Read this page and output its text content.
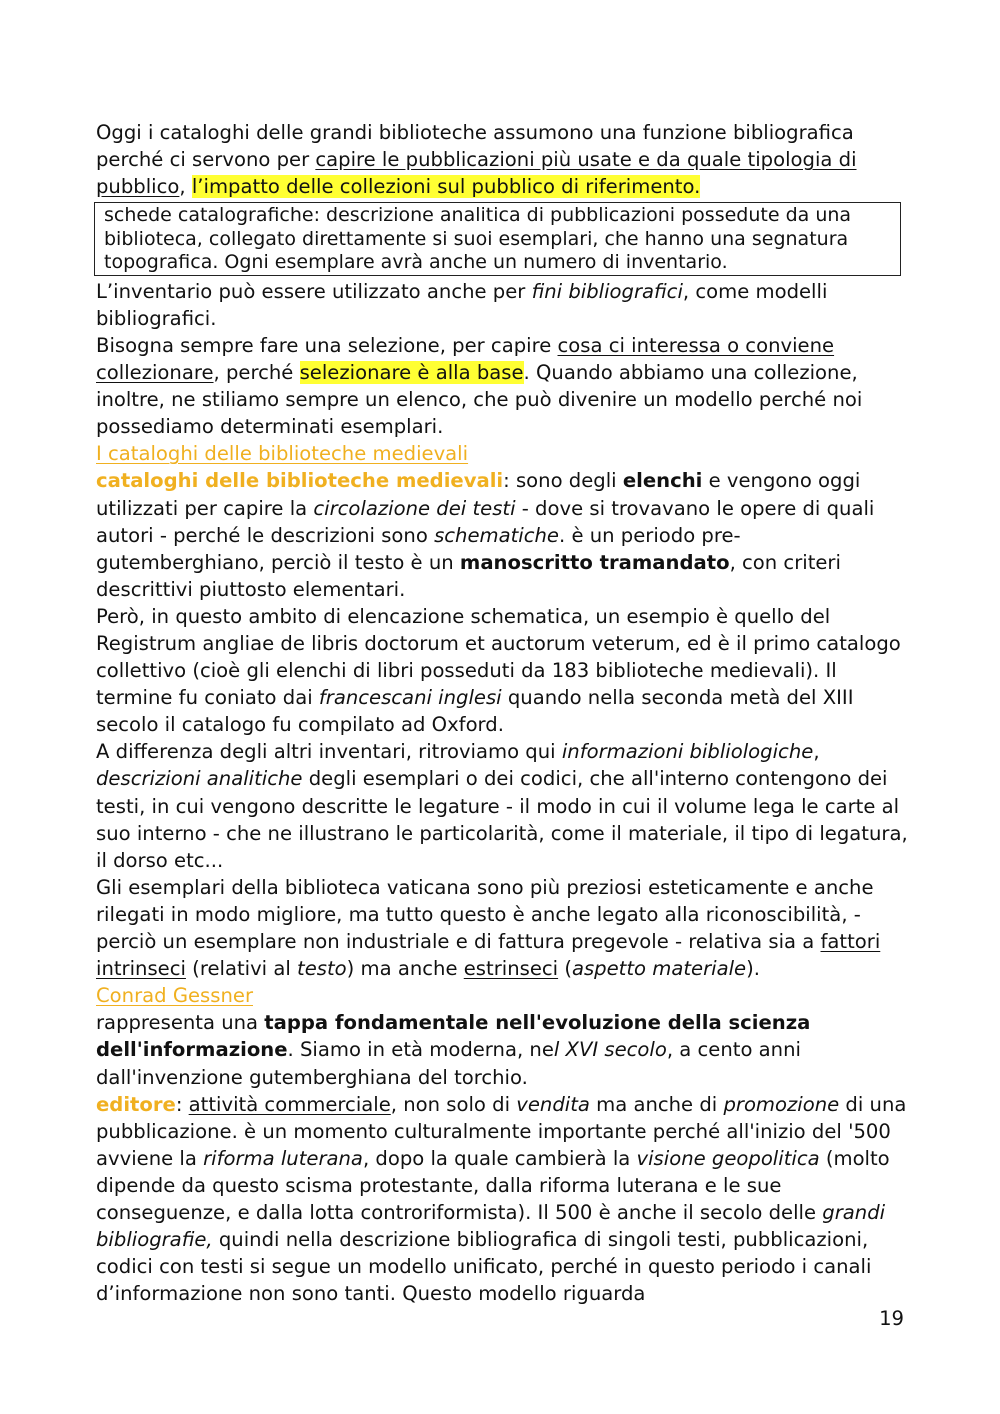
Oggi i cataloghi delle grandi biblioteche assumono una funzione bibliografica perché ci servono per capire le pubblicazioni più usate e da quale tipologia di pubblico, l’impatto delle collezioni sul pubblico di riferimento.

schede catalografiche: descrizione analitica di pubblicazioni possedute da una biblioteca, collegato direttamente si suoi esemplari, che hanno una segnatura topografica. Ogni esemplare avrà anche un numero di inventario.

L’inventario può essere utilizzato anche per fini bibliografici, come modelli bibliografici.

Bisogna sempre fare una selezione, per capire cosa ci interessa o conviene collezionare, perché selezionare è alla base. Quando abbiamo una collezione, inoltre, ne stiliamo sempre un elenco, che può divenire un modello perché noi possediamo determinati esemplari.

I cataloghi delle biblioteche medievali

cataloghi delle biblioteche medievali: sono degli elenchi e vengono oggi utilizzati per capire la circolazione dei testi - dove si trovavano le opere di quali autori - perché le descrizioni sono schematiche. è un periodo pre-gutemberghiano, perciò il testo è un manoscritto tramandato, con criteri descrittivi piuttosto elementari.

Però, in questo ambito di elencazione schematica, un esempio è quello del Registrum angliae de libris doctorum et auctorum veterum, ed è il primo catalogo collettivo (cioè gli elenchi di libri posseduti da 183 biblioteche medievali). Il termine fu coniato dai francescani inglesi quando nella seconda metà del XIII secolo il catalogo fu compilato ad Oxford.

A differenza degli altri inventari, ritroviamo qui informazioni bibliologiche, descrizioni analitiche degli esemplari o dei codici, che all'interno contengono dei testi, in cui vengono descritte le legature - il modo in cui il volume lega le carte al suo interno - che ne illustrano le particolarità, come il materiale, il tipo di legatura, il dorso etc...

Gli esemplari della biblioteca vaticana sono più preziosi esteticamente e anche rilegati in modo migliore, ma tutto questo è anche legato alla riconoscibilità, - perciò un esemplare non industriale e di fattura pregevole - relativa sia a fattori intrinseci (relativi al testo) ma anche estrinseci (aspetto materiale).

Conrad Gessner

rappresenta una tappa fondamentale nell'evoluzione della scienza dell'informazione. Siamo in età moderna, nel XVI secolo, a cento anni dall'invenzione gutemberghiana del torchio.

editore: attività commerciale, non solo di vendita ma anche di promozione di una pubblicazione. è un momento culturalmente importante perché all'inizio del '500 avviene la riforma luterana, dopo la quale cambierà la visione geopolitica (molto dipende da questo scisma protestante, dalla riforma luterana e le sue conseguenze, e dalla lotta controriformista). Il 500 è anche il secolo delle grandi bibliografie, quindi nella descrizione bibliografica di singoli testi, pubblicazioni, codici con testi si segue un modello unificato, perché in questo periodo i canali d’informazione non sono tanti. Questo modello riguarda

19
